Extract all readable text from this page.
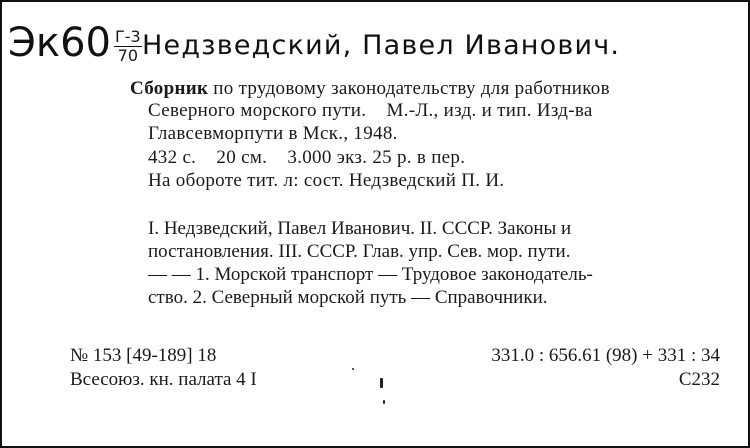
Эк60 Г-3
70 Недзведский, Павел Иванович.
Сборник по трудовому законодательству для работников
Северного морского пути.    М.-Л., изд. и тип. Изд-ва
Главсевморпути в Мск., 1948.
432 с.    20 см.    3.000 экз. 25 р. в пер.
На обороте тит. л: сост. Недзведский П. И.
I. Недзведский, Павел Иванович. II. СССР. Законы и
постановления. III. СССР. Глав. упр. Сев. мор. пути.
— — 1. Морской транспорт — Трудовое законодатель-
ство. 2. Северный морской путь — Справочники.
№ 153 [49-189] 18
Всесоюз. кн. палата 4 I
331.0 : 656.61 (98) + 331 : 34
С232
